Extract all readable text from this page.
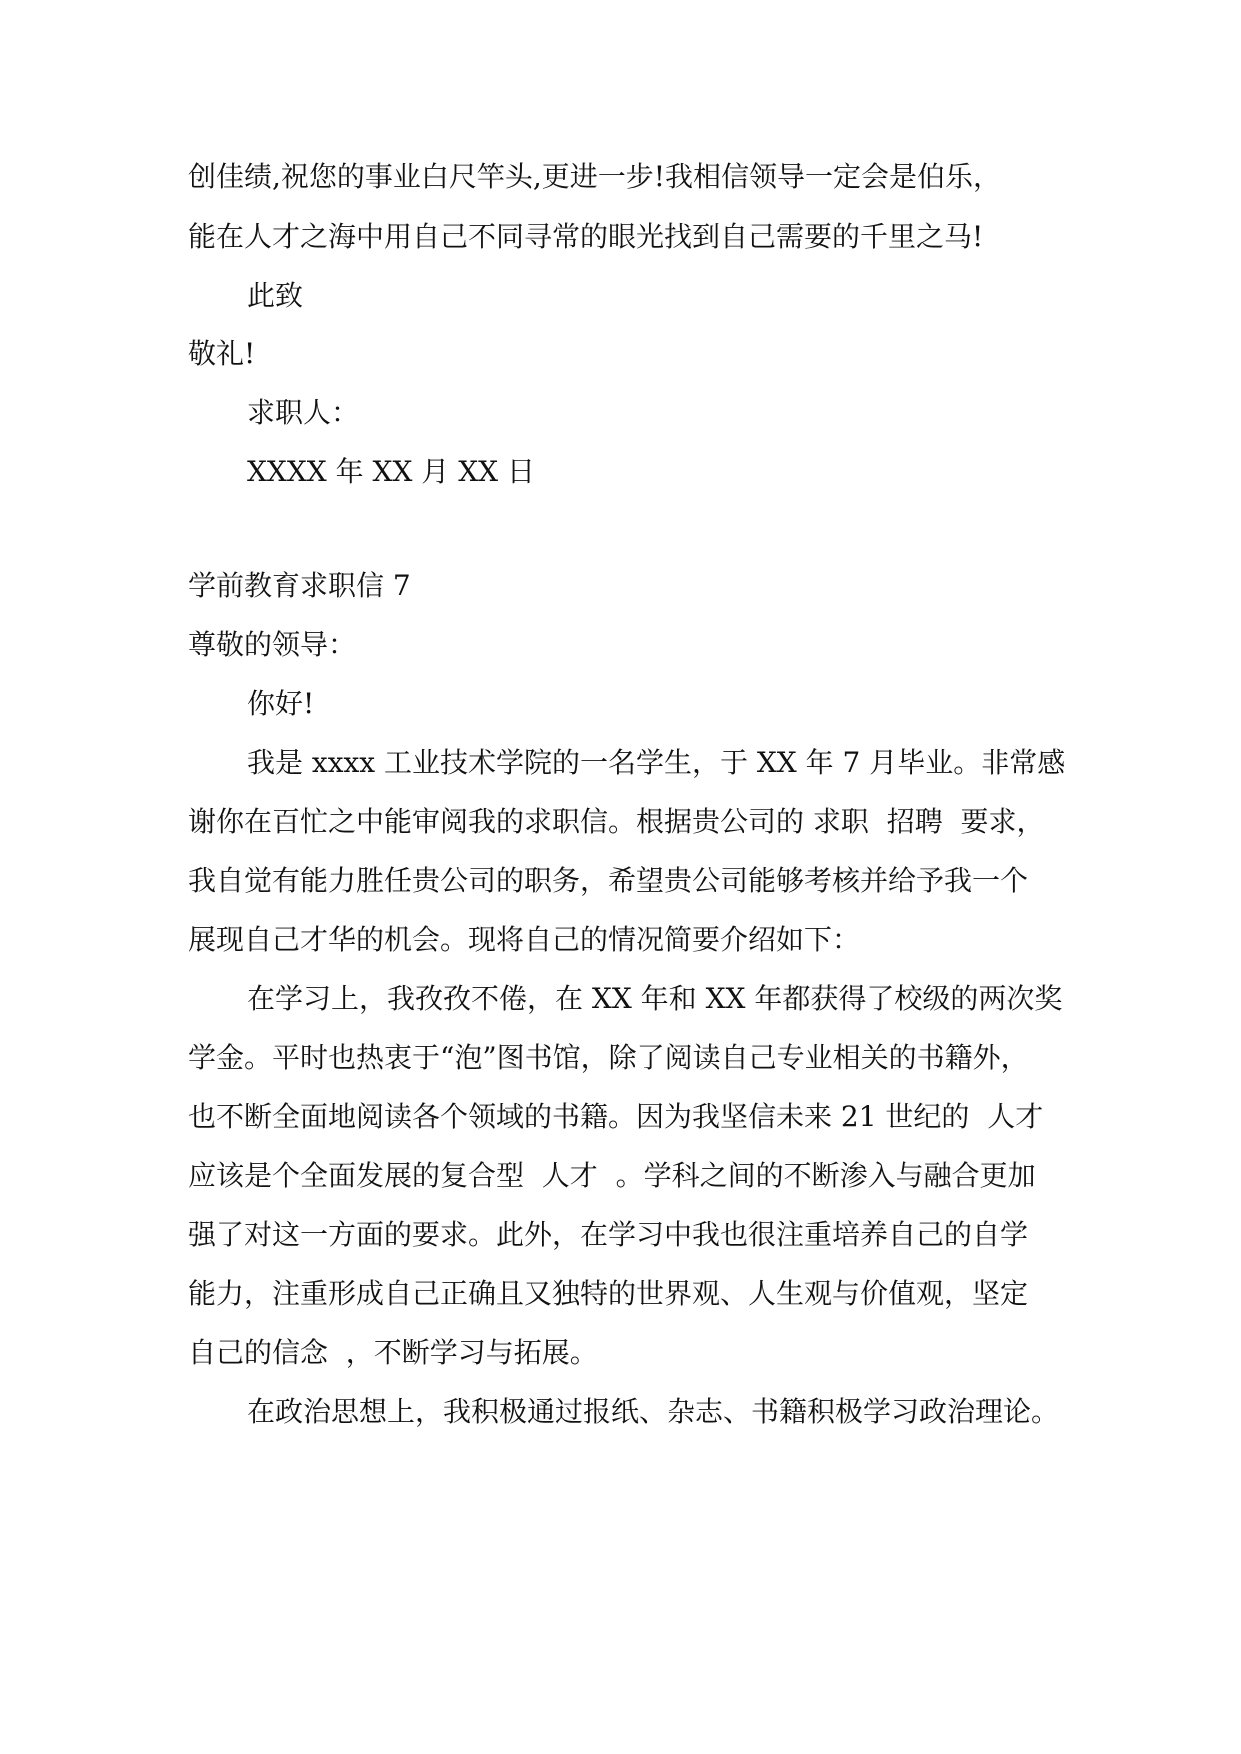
创佳绩,祝您的事业白尺竿头,更进一步!我相信领导一定会是伯乐，
能在人才之海中用自己不同寻常的眼光找到自己需要的千里之马!
此致
敬礼!
求职人：
XXXX 年 XX 月 XX 日
学前教育求职信 7
尊敬的领导：
你好!
我是 xxxx 工业技术学院的一名学生，于 XX 年 7 月毕业。非常感
谢你在百忙之中能审阅我的求职信。根据贵公司的 求职  招聘  要求，
我自觉有能力胜任贵公司的职务，希望贵公司能够考核并给予我一个
展现自己才华的机会。现将自己的情况简要介绍如下：
在学习上，我孜孜不倦，在 XX 年和 XX 年都获得了校级的两次奖
学金。平时也热衷于“泡”图书馆，除了阅读自己专业相关的书籍外，
也不断全面地阅读各个领域的书籍。因为我坚信未来 21 世纪的  人才
应该是个全面发展的复合型  人才  。学科之间的不断渗入与融合更加
强了对这一方面的要求。此外，在学习中我也很注重培养自己的自学
能力，注重形成自己正确且又独特的世界观、人生观与价值观，坚定
自己的信念  ，不断学习与拓展。
在政治思想上，我积极通过报纸、杂志、书籍积极学习政治理论。
